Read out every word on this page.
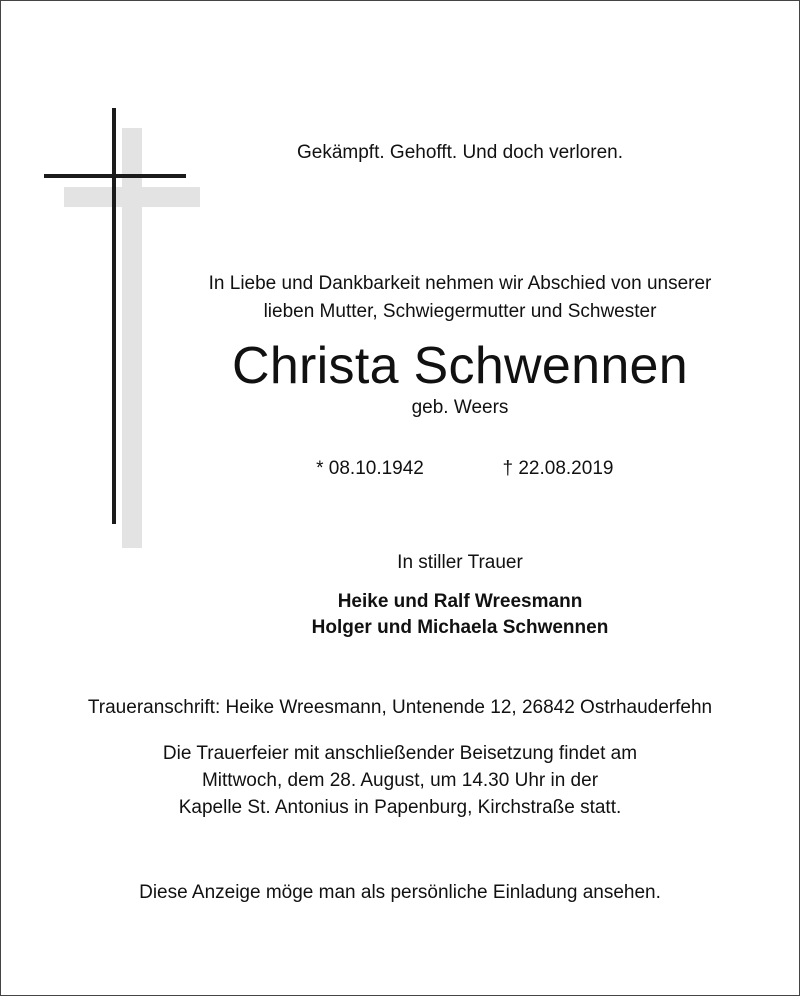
Gekämpft. Gehofft. Und doch verloren.
In Liebe und Dankbarkeit nehmen wir Abschied von unserer
lieben Mutter, Schwiegermutter und Schwester
Christa Schwennen
geb. Weers
* 08.10.1942	† 22.08.2019
In stiller Trauer
Heike und Ralf Wreesmann
Holger und Michaela Schwennen
Traueranschrift: Heike Wreesmann, Untenende 12, 26842 Ostrhauderfehn
Die Trauerfeier mit anschließender Beisetzung findet am
Mittwoch, dem 28. August, um 14.30 Uhr in der
Kapelle St. Antonius in Papenburg, Kirchstraße statt.
Diese Anzeige möge man als persönliche Einladung ansehen.
